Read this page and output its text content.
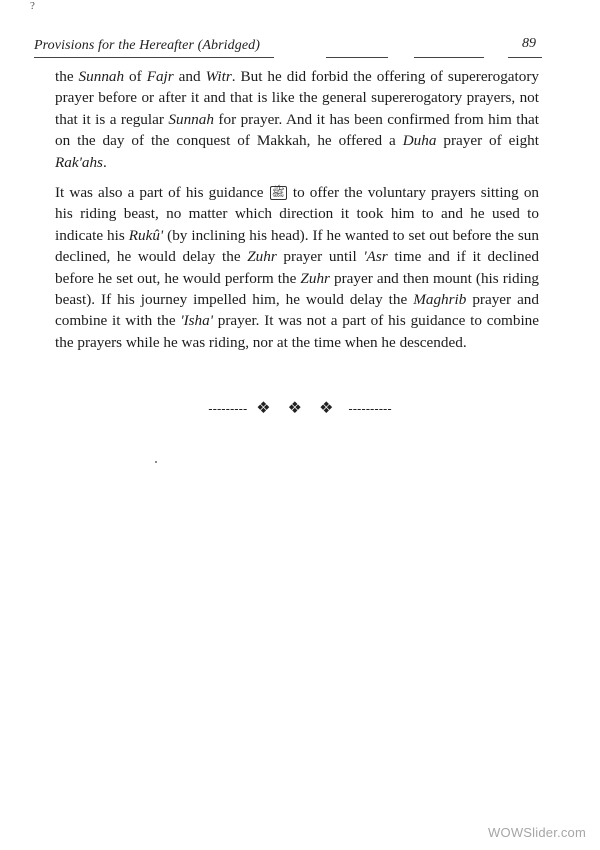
?
Provisions for the Hereafter (Abridged)	89

the Sunnah of Fajr and Witr. But he did forbid the offering of supererogatory prayer before or after it and that is like the general supererogatory prayers, not that it is a regular Sunnah for prayer. And it has been confirmed from him that on the day of the conquest of Makkah, he offered a Duha prayer of eight Rak'ahs.

It was also a part of his guidance ﷺ to offer the voluntary prayers sitting on his riding beast, no matter which direction it took him to and he used to indicate his Rukû' (by inclining his head). If he wanted to set out before the sun declined, he would delay the Zuhr prayer until 'Asr time and if it declined before he set out, he would perform the Zuhr prayer and then mount (his riding beast). If his journey impelled him, he would delay the Maghrib prayer and combine it with the 'Isha' prayer. It was not a part of his guidance to combine the prayers while he was riding, nor at the time when he descended.

--------- ❖ ❖ ❖ ----------
WOWSlider.com
